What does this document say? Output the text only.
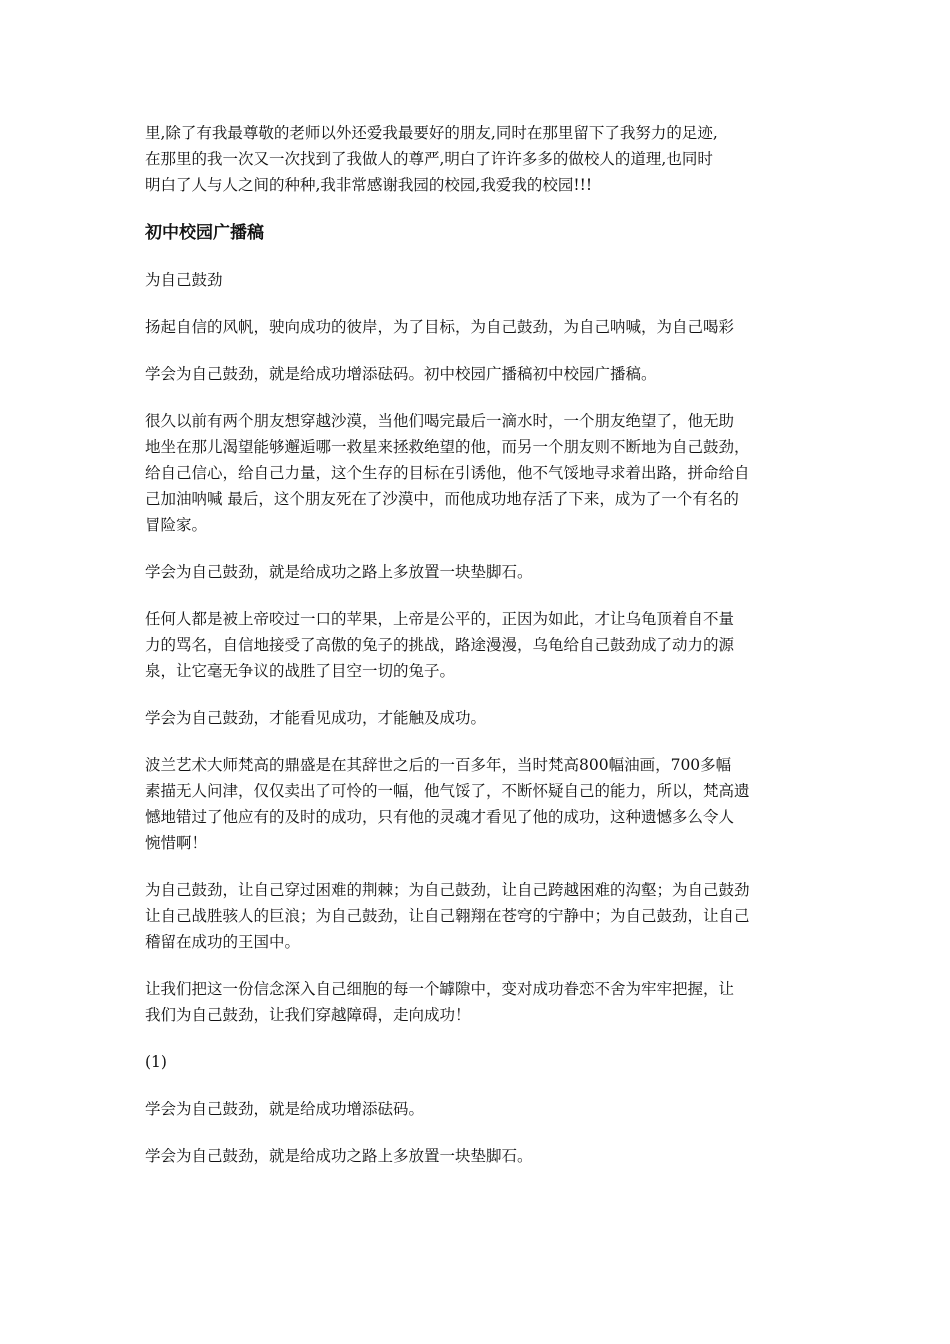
里,除了有我最尊敬的老师以外还爱我最要好的朋友,同时在那里留下了我努力的足迹,
在那里的我一次又一次找到了我做人的尊严,明白了许许多多的做校人的道理,也同时
明白了人与人之间的种种,我非常感谢我园的校园,我爱我的校园!!!

初中校园广播稿

为自己鼓劲

扬起自信的风帆，驶向成功的彼岸，为了目标，为自己鼓劲，为自己呐喊，为自己喝彩

学会为自己鼓劲，就是给成功增添砝码。初中校园广播稿初中校园广播稿。

很久以前有两个朋友想穿越沙漠，当他们喝完最后一滴水时，一个朋友绝望了，他无助
地坐在那儿渴望能够邂逅哪一救星来拯救绝望的他，而另一个朋友则不断地为自己鼓劲，
给自己信心，给自己力量，这个生存的目标在引诱他，他不气馁地寻求着出路，拼命给自
己加油呐喊 最后，这个朋友死在了沙漠中，而他成功地存活了下来，成为了一个有名的
冒险家。

学会为自己鼓劲，就是给成功之路上多放置一块垫脚石。

任何人都是被上帝咬过一口的苹果，上帝是公平的，正因为如此，才让乌龟顶着自不量
力的骂名，自信地接受了高傲的兔子的挑战，路途漫漫，乌龟给自己鼓劲成了动力的源
泉，让它毫无争议的战胜了目空一切的兔子。

学会为自己鼓劲，才能看见成功，才能触及成功。

波兰艺术大师梵高的鼎盛是在其辞世之后的一百多年，当时梵高800幅油画，700多幅
素描无人问津，仅仅卖出了可怜的一幅，他气馁了，不断怀疑自己的能力，所以，梵高遗
憾地错过了他应有的及时的成功，只有他的灵魂才看见了他的成功，这种遗憾多么令人
惋惜啊！

为自己鼓劲，让自己穿过困难的荆棘；为自己鼓劲，让自己跨越困难的沟壑；为自己鼓劲
让自己战胜骇人的巨浪；为自己鼓劲，让自己翱翔在苍穹的宁静中；为自己鼓劲，让自己
稽留在成功的王国中。

让我们把这一份信念深入自己细胞的每一个罅隙中，变对成功眷恋不舍为牢牢把握，让
我们为自己鼓劲，让我们穿越障碍，走向成功！

(1)

学会为自己鼓劲，就是给成功增添砝码。

学会为自己鼓劲，就是给成功之路上多放置一块垫脚石。
